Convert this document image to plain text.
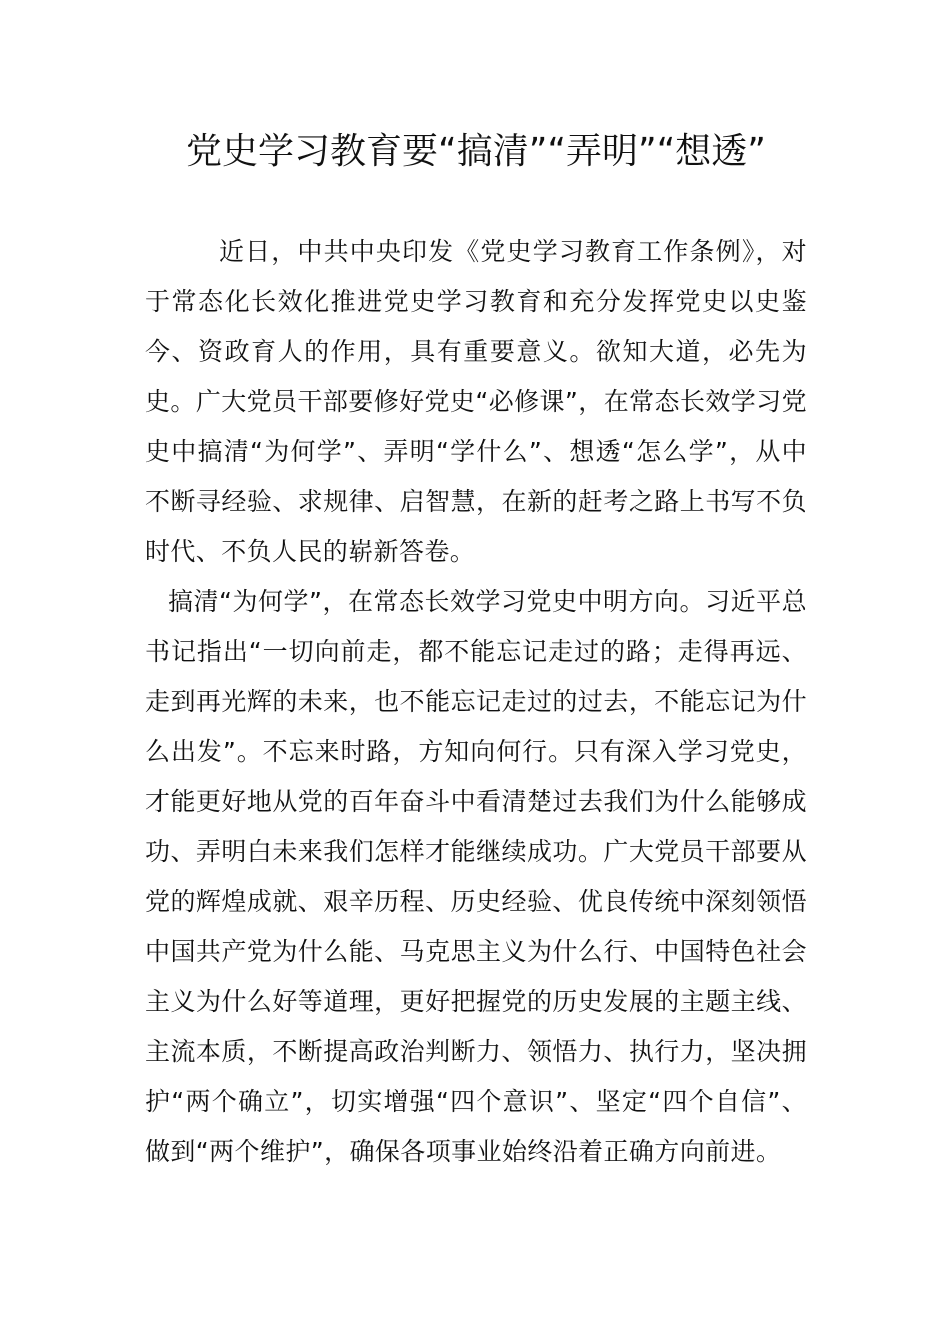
党史学习教育要“搞清”“弄明”“想透”

近日，中共中央印发《党史学习教育工作条例》，对于常态化长效化推进党史学习教育和充分发挥党史以史鉴今、资政育人的作用，具有重要意义。欲知大道，必先为史。广大党员干部要修好党史“必修课”，在常态长效学习党史中搞清“为何学”、弄明“学什么”、想透“怎么学”，从中不断寻经验、求规律、启智慧，在新的赶考之路上书写不负时代、不负人民的崭新答卷。

搞清“为何学”，在常态长效学习党史中明方向。习近平总书记指出“一切向前走，都不能忘记走过的路；走得再远、走到再光辉的未来，也不能忘记走过的过去，不能忘记为什么出发”。不忘来时路，方知向何行。只有深入学习党史，才能更好地从党的百年奋斗中看清楚过去我们为什么能够成功、弄明白未来我们怎样才能继续成功。广大党员干部要从党的辉煌成就、艰辛历程、历史经验、优良传统中深刻领悟中国共产党为什么能、马克思主义为什么行、中国特色社会主义为什么好等道理，更好把握党的历史发展的主题主线、主流本质，不断提高政治判断力、领悟力、执行力，坚决拥护“两个确立”，切实增强“四个意识”、坚定“四个自信”、做到“两个维护”，确保各项事业始终沿着正确方向前进。
